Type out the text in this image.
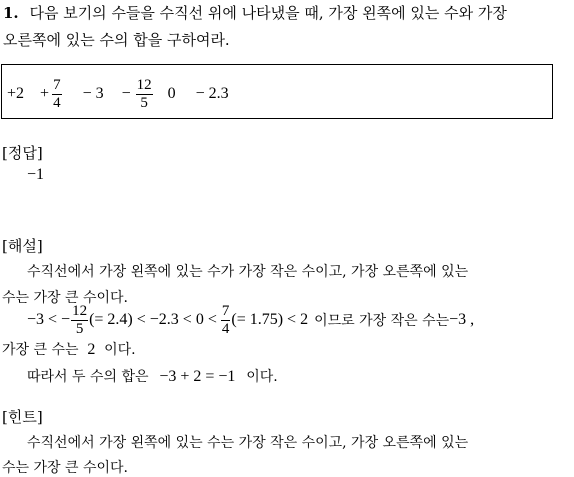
1. 다음 보기의 수들을 수직선 위에 나타냈을 때, 가장 왼쪽에 있는 수와 가장
오른쪽에 있는 수의 합을 구하여라.
$+2 + \frac{7}{4} - 3 - \frac{12}{5} 0 - 2.3$
[정답]
−1
[해설]
수직선에서 가장 왼쪽에 있는 수가 가장 작은 수이고, 가장 오른쪽에 있는
수는 가장 큰 수이다.
−3 < − $\frac{12}{5}$ (= $2.4) < -2.3 < 0 < \frac{7}{4}$ (= 1.75) < 2 이므로 가장 작은 수는 −3 ,
가장 큰 수는 2 이다.
따라서 두 수의 합은 −3 + 2 = −1 이다.
[힌트]
수직선에서 가장 왼쪽에 있는 수는 가장 작은 수이고, 가장 오른쪽에 있는
수는 가장 큰 수이다.
